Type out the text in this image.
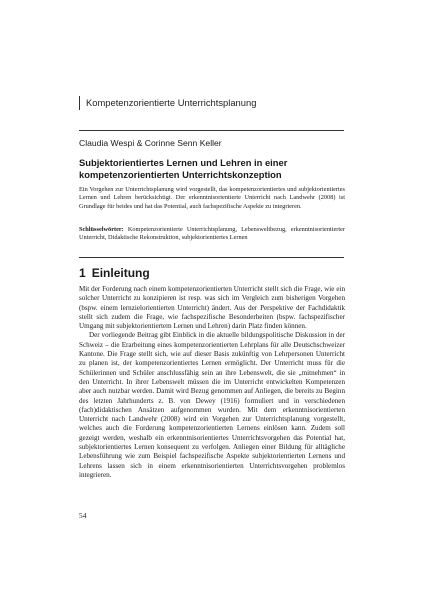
Kompetenzorientierte Unterrichtsplanung
Claudia Wespi & Corinne Senn Keller
Subjektorientiertes Lernen und Lehren in einer
kompetenzorientierten Unterrichtskonzeption
Ein Vorgehen zur Unterrichtsplanung wird vorgestellt, das kompetenzorientiertes und subjektorientiertes Lernen und Lehren berücksichtigt. Der erkenntnisorientierte Unterricht nach Landwehr (2008) ist Grundlage für beides und hat das Potential, auch fachspezifische Aspekte zu integrieren.
Schlüsselwörter: Kompetenzorientierte Unterrichtsplanung, Lebensweltbezug, erkenntnisorientierter Unterricht, Didaktische Rekonstruktion, subjektorientiertes Lernen
1 Einleitung

Mit der Forderung nach einem kompetenzorientierten Unterricht stellt sich die Frage, wie ein solcher Unterricht zu konzipieren ist resp. was sich im Vergleich zum bisherigen Vorgehen (bspw. einem lernzielorientierten Unterricht) ändert. Aus der Perspektive der Fachdidaktik stellt sich zudem die Frage, wie fachspezifische Besonderheiten (bspw. fachspezifischer Umgang mit subjektorientiertem Lernen und Lehren) darin Platz finden können.

Der vorliegende Beitrag gibt Einblick in die aktuelle bildungspolitische Diskussion in der Schweiz – die Erarbeitung eines kompetenzorientierten Lehrplans für alle Deutschschweizer Kantone. Die Frage stellt sich, wie auf dieser Basis zukünftig von Lehrpersonen Unterricht zu planen ist, der kompetenzorientiertes Lernen ermöglicht. Der Unterricht muss für die Schülerinnen und Schüler anschlussfähig sein an ihre Lebenswelt, die sie „mitnehmen“ in den Unterricht. In ihrer Lebenswelt müssen die im Unterricht entwickelten Kompetenzen aber auch nutzbar werden. Damit wird Bezug genommen auf Anliegen, die bereits zu Beginn des letzten Jahrhunderts z. B. von Dewey (1916) formuliert und in verschiedenen (fach)didaktischen Ansätzen aufgenommen wurden. Mit dem erkenntnisorientierten Unterricht nach Landwehr (2008) wird ein Vorgehen zur Unterrichtsplanung vorgestellt, welches auch die Forderung kompetenzorientierten Lernens einlösen kann. Zudem soll gezeigt werden, weshalb ein erkenntnisorientiertes Unterrichtsvorgehen das Potential hat, subjektorientiertes Lernen konsequent zu verfolgen. Anliegen einer Bildung für alltägliche Lebensführung wie zum Beispiel fachspezifische Aspekte subjektorientierten Lernens und Lehrens lassen sich in einem erkenntnisorientierten Unterrichtsvorgehen problemlos integrieren.

54
